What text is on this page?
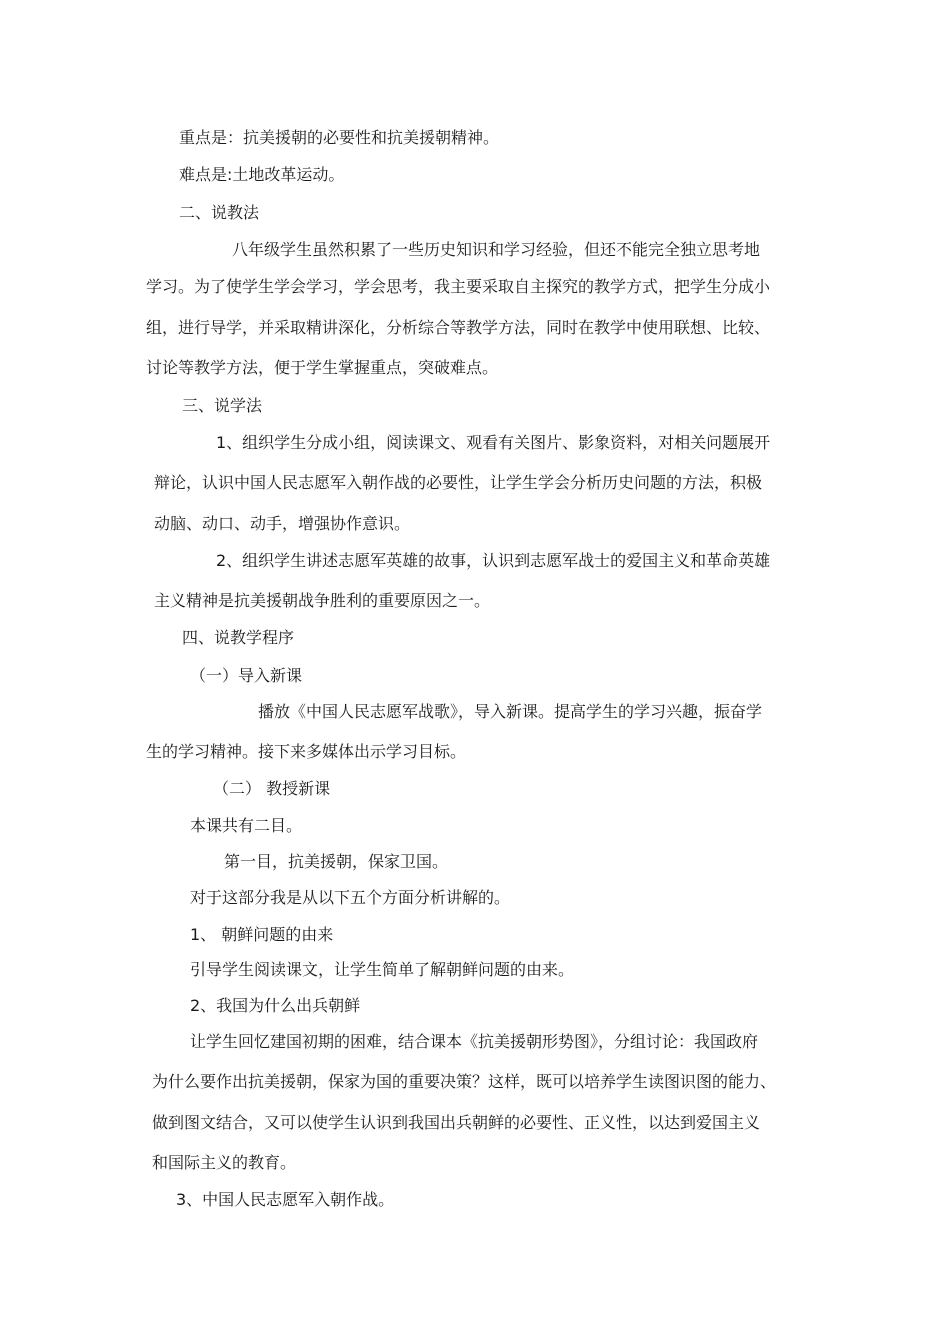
重点是：抗美援朝的必要性和抗美援朝精神。

难点是:土地改革运动。

二、说教法

八年级学生虽然积累了一些历史知识和学习经验，但还不能完全独立思考地

学习。为了使学生学会学习，学会思考，我主要采取自主探究的教学方式，把学生分成小

组，进行导学，并采取精讲深化，分析综合等教学方法，同时在教学中使用联想、比较、

讨论等教学方法，便于学生掌握重点，突破难点。

三、说学法

1、组织学生分成小组，阅读课文、观看有关图片、影象资料，对相关问题展开

辩论，认识中国人民志愿军入朝作战的必要性，让学生学会分析历史问题的方法，积极

动脑、动口、动手，增强协作意识。

2、组织学生讲述志愿军英雄的故事，认识到志愿军战士的爱国主义和革命英雄

主义精神是抗美援朝战争胜利的重要原因之一。

四、说教学程序

（一）导入新课

播放《中国人民志愿军战歌》，导入新课。提高学生的学习兴趣，振奋学

生的学习精神。接下来多媒体出示学习目标。

（二） 教授新课

本课共有二目。

第一目，抗美援朝，保家卫国。

对于这部分我是从以下五个方面分析讲解的。

1、 朝鲜问题的由来

引导学生阅读课文，让学生简单了解朝鲜问题的由来。

2、我国为什么出兵朝鲜

让学生回忆建国初期的困难，结合课本《抗美援朝形势图》，分组讨论：我国政府

为什么要作出抗美援朝，保家为国的重要决策？这样，既可以培养学生读图识图的能力、

做到图文结合，又可以使学生认识到我国出兵朝鲜的必要性、正义性，以达到爱国主义

和国际主义的教育。

3、中国人民志愿军入朝作战。
